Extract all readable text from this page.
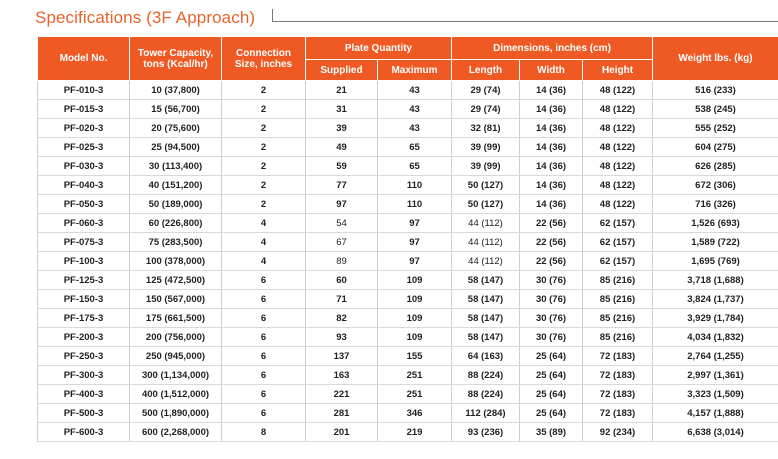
Specifications (3F Approach)
Model No.	Tower Capacity, tons (Kcal/hr)	Connection Size, inches	Plate Quantity		Dimensions, inches (cm)			Weight lbs. (kg)
			Supplied	Maximum	Length	Width	Height	
PF-010-3	10 (37,800)	2	21	43	29 (74)	14 (36)	48 (122)	516 (233)
PF-015-3	15 (56,700)	2	31	43	29 (74)	14 (36)	48 (122)	538 (245)
PF-020-3	20 (75,600)	2	39	43	32 (81)	14 (36)	48 (122)	555 (252)
PF-025-3	25 (94,500)	2	49	65	39 (99)	14 (36)	48 (122)	604 (275)
PF-030-3	30 (113,400)	2	59	65	39 (99)	14 (36)	48 (122)	626 (285)
PF-040-3	40 (151,200)	2	77	110	50 (127)	14 (36)	48 (122)	672 (306)
PF-050-3	50 (189,000)	2	97	110	50 (127)	14 (36)	48 (122)	716 (326)
PF-060-3	60 (226,800)	4	54	97	44 (112)	22 (56)	62 (157)	1,526 (693)
PF-075-3	75 (283,500)	4	67	97	44 (112)	22 (56)	62 (157)	1,589 (722)
PF-100-3	100 (378,000)	4	89	97	44 (112)	22 (56)	62 (157)	1,695 (769)
PF-125-3	125 (472,500)	6	60	109	58 (147)	30 (76)	85 (216)	3,718 (1,688)
PF-150-3	150 (567,000)	6	71	109	58 (147)	30 (76)	85 (216)	3,824 (1,737)
PF-175-3	175 (661,500)	6	82	109	58 (147)	30 (76)	85 (216)	3,929 (1,784)
PF-200-3	200 (756,000)	6	93	109	58 (147)	30 (76)	85 (216)	4,034 (1,832)
PF-250-3	250 (945,000)	6	137	155	64 (163)	25 (64)	72 (183)	2,764 (1,255)
PF-300-3	300 (1,134,000)	6	163	251	88 (224)	25 (64)	72 (183)	2,997 (1,361)
PF-400-3	400 (1,512,000)	6	221	251	88 (224)	25 (64)	72 (183)	3,323 (1,509)
PF-500-3	500 (1,890,000)	6	281	346	112 (284)	25 (64)	72 (183)	4,157 (1,888)
PF-600-3	600 (2,268,000)	8	201	219	93 (236)	35 (89)	92 (234)	6,638 (3,014)
